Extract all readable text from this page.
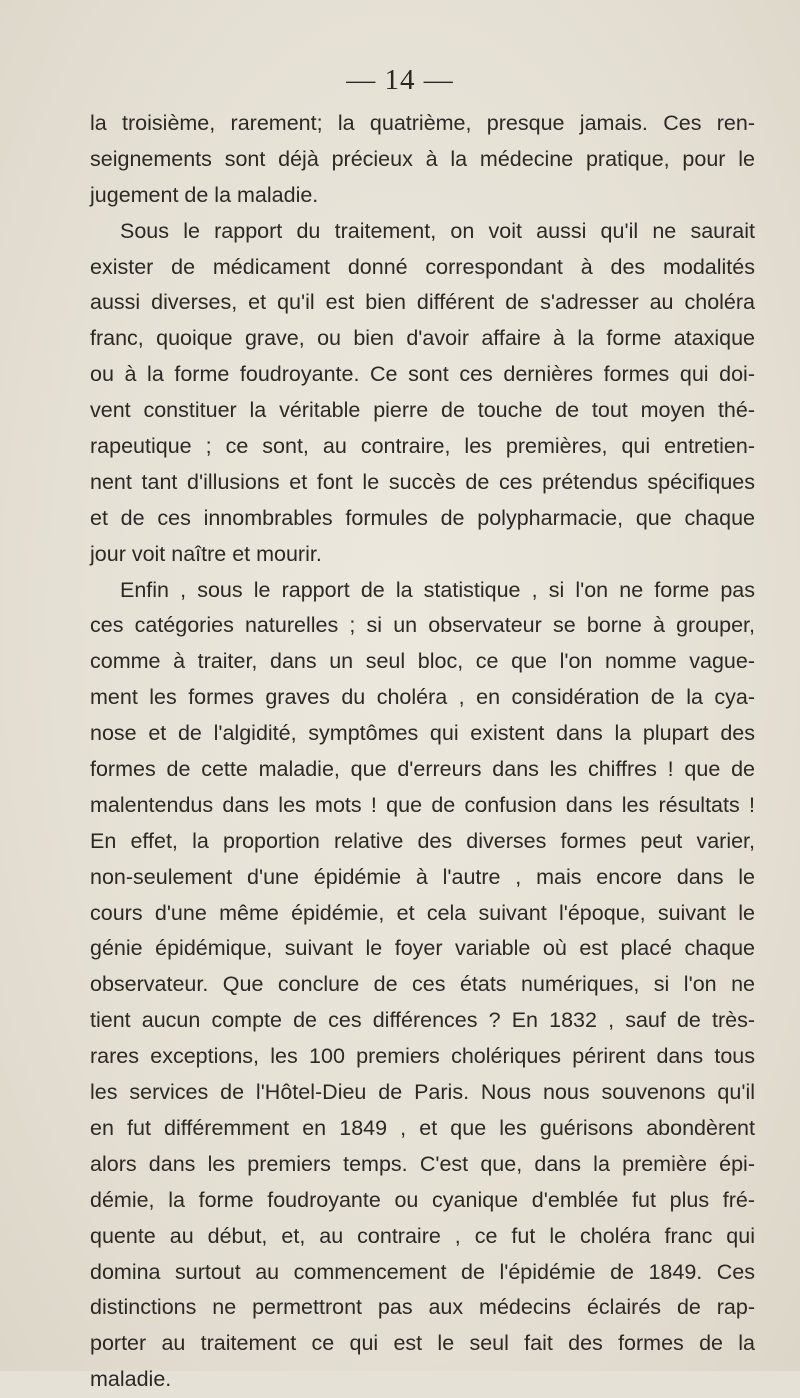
— 14 —
la troisième, rarement; la quatrième, presque jamais. Ces ren-
seignements sont déjà précieux à la médecine pratique, pour le
jugement de la maladie.
Sous le rapport du traitement, on voit aussi qu'il ne saurait
exister de médicament donné correspondant à des modalités
aussi diverses, et qu'il est bien différent de s'adresser au choléra
franc, quoique grave, ou bien d'avoir affaire à la forme ataxique
ou à la forme foudroyante. Ce sont ces dernières formes qui doi-
vent constituer la véritable pierre de touche de tout moyen thé-
rapeutique ; ce sont, au contraire, les premières, qui entretien-
nent tant d'illusions et font le succès de ces prétendus spécifiques
et de ces innombrables formules de polypharmacie, que chaque
jour voit naître et mourir.
Enfin , sous le rapport de la statistique , si l'on ne forme pas
ces catégories naturelles ; si un observateur se borne à grouper,
comme à traiter, dans un seul bloc, ce que l'on nomme vague-
ment les formes graves du choléra , en considération de la cya-
nose et de l'algidité, symptômes qui existent dans la plupart des
formes de cette maladie, que d'erreurs dans les chiffres ! que de
malentendus dans les mots ! que de confusion dans les résultats !
En effet, la proportion relative des diverses formes peut varier,
non-seulement d'une épidémie à l'autre , mais encore dans le
cours d'une même épidémie, et cela suivant l'époque, suivant le
génie épidémique, suivant le foyer variable où est placé chaque
observateur. Que conclure de ces états numériques, si l'on ne
tient aucun compte de ces différences ? En 1832 , sauf de très-
rares exceptions, les 100 premiers cholériques périrent dans tous
les services de l'Hôtel-Dieu de Paris. Nous nous souvenons qu'il
en fut différemment en 1849 , et que les guérisons abondèrent
alors dans les premiers temps. C'est que, dans la première épi-
démie, la forme foudroyante ou cyanique d'emblée fut plus fré-
quente au début, et, au contraire , ce fut le choléra franc qui
domina surtout au commencement de l'épidémie de 1849. Ces
distinctions ne permettront pas aux médecins éclairés de rap-
porter au traitement ce qui est le seul fait des formes de la
maladie.
